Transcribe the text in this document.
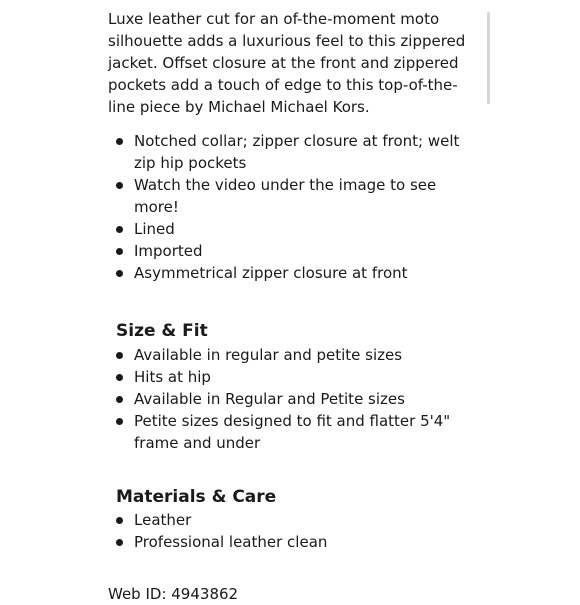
Luxe leather cut for an of-the-moment moto silhouette adds a luxurious feel to this zippered jacket. Offset closure at the front and zippered pockets add a touch of edge to this top-of-the-line piece by Michael Michael Kors.

Notched collar; zipper closure at front; welt zip hip pockets
Watch the video under the image to see more!
Lined
Imported
Asymmetrical zipper closure at front
Size & Fit
Available in regular and petite sizes
Hits at hip
Available in Regular and Petite sizes
Petite sizes designed to fit and flatter 5'4" frame and under
Materials & Care
Leather
Professional leather clean
Web ID: 4943862
